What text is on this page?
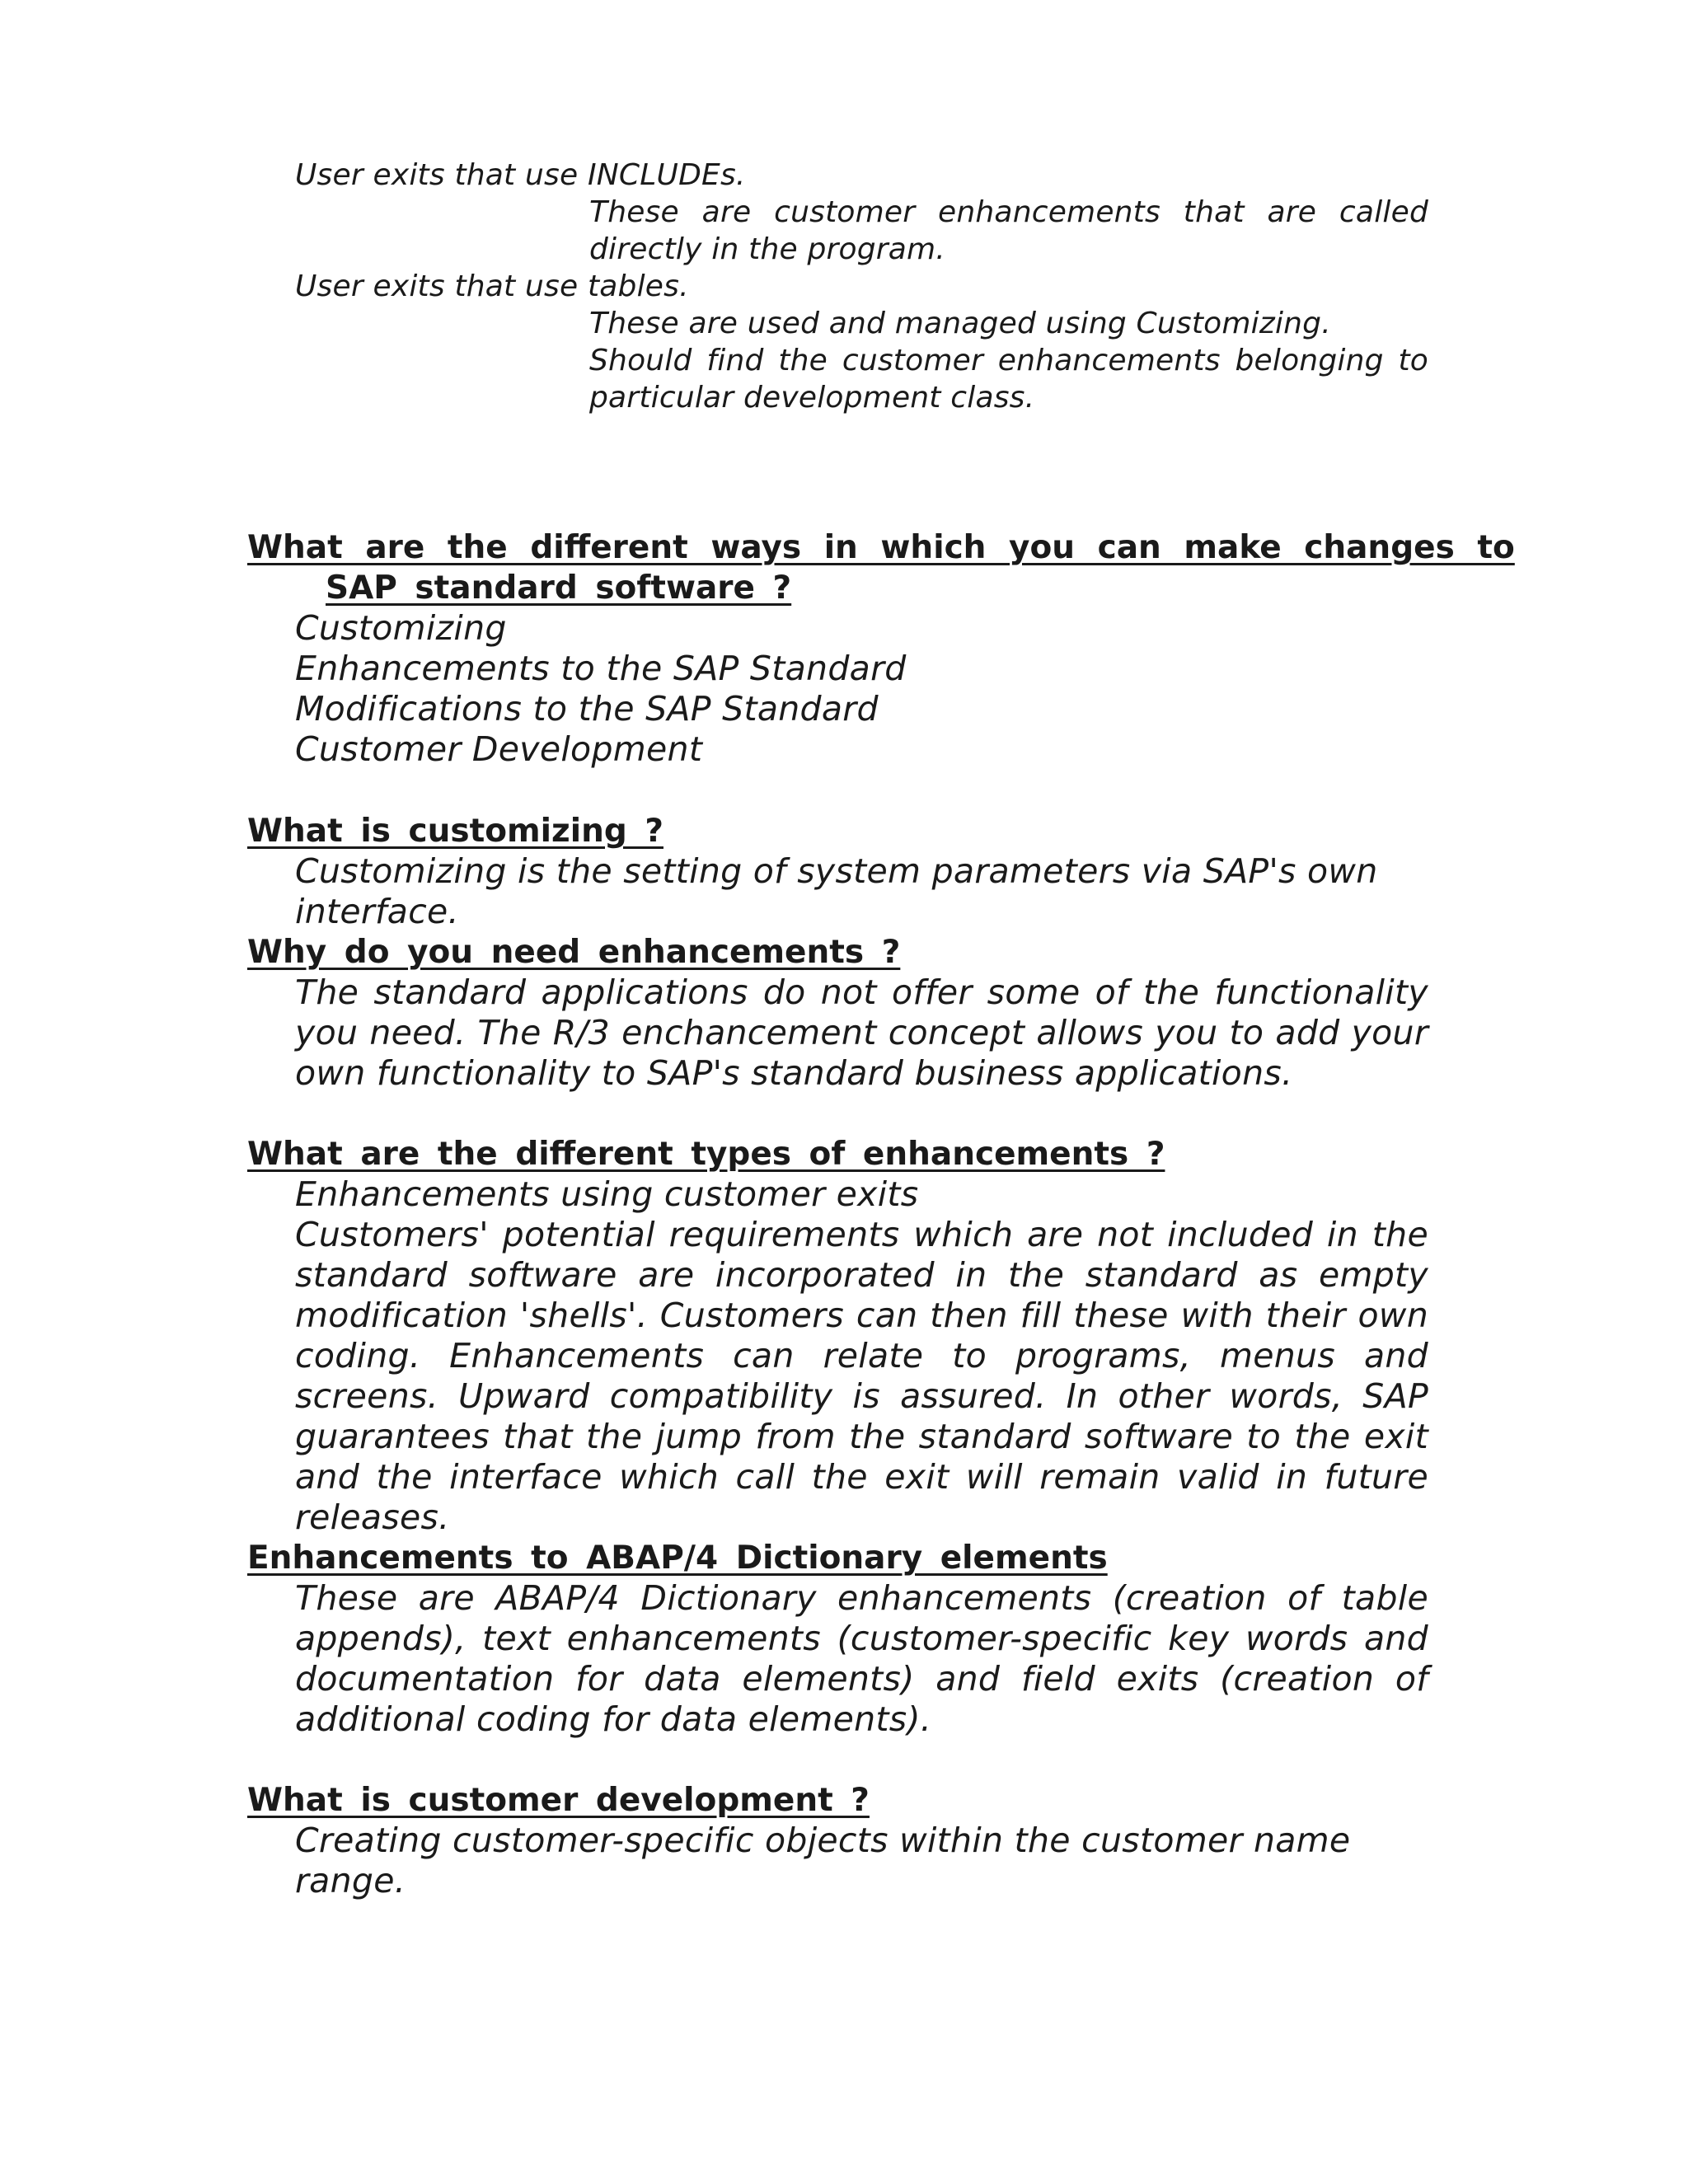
User exits that use INCLUDEs.
These are customer enhancements that are called directly in the program.
User exits that use tables.
These are used and managed using Customizing.
Should find the customer enhancements belonging to particular development class.
What are the different ways in which you can make changes to
SAP standard software ?
Customizing
Enhancements to the SAP Standard
Modifications to the SAP Standard
Customer Development
What is customizing ?
Customizing is the setting of system parameters via SAP's own interface.
Why do you need enhancements ?
The standard applications do not offer some of the functionality you need. The R/3 enchancement concept allows you to add your own functionality to SAP's standard business applications.
What are the different types of enhancements ?
Enhancements using customer exits
Customers' potential requirements which are not included in the standard software are incorporated in the standard as empty modification 'shells'. Customers can then fill these with their own coding. Enhancements can relate to programs, menus and screens. Upward compatibility is assured. In other words, SAP guarantees that the jump from the standard software to the exit and the interface which call the exit will remain valid in future releases.
Enhancements to ABAP/4 Dictionary elements
These are ABAP/4 Dictionary enhancements (creation of table appends), text enhancements (customer-specific key words and documentation for data elements) and field exits (creation of additional coding for data elements).
What is customer development ?
Creating customer-specific objects within the customer name range.
